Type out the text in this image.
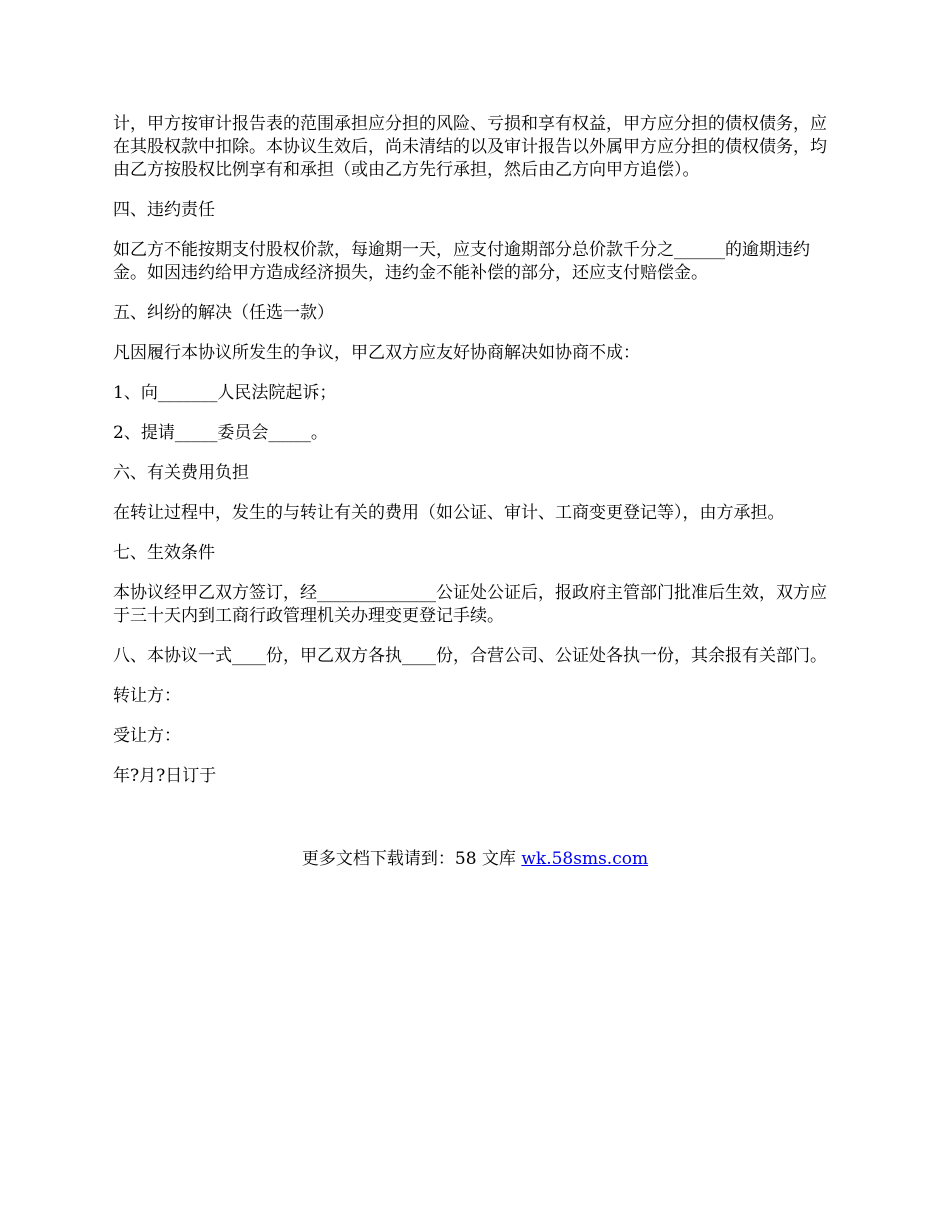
计，甲方按审计报告表的范围承担应分担的风险、亏损和享有权益，甲方应分担的债权债务，应在其股权款中扣除。本协议生效后，尚未清结的以及审计报告以外属甲方应分担的债权债务，均由乙方按股权比例享有和承担（或由乙方先行承担，然后由乙方向甲方追偿）。

四、违约责任

如乙方不能按期支付股权价款，每逾期一天，应支付逾期部分总价款千分之______的逾期违约金。如因违约给甲方造成经济损失，违约金不能补偿的部分，还应支付赔偿金。

五、纠纷的解决（任选一款）

凡因履行本协议所发生的争议，甲乙双方应友好协商解决如协商不成：

1、向_______人民法院起诉；

2、提请_____委员会_____。

六、有关费用负担

在转让过程中，发生的与转让有关的费用（如公证、审计、工商变更登记等），由方承担。

七、生效条件

本协议经甲乙双方签订，经______________公证处公证后，报政府主管部门批准后生效，双方应于三十天内到工商行政管理机关办理变更登记手续。

八、本协议一式____份，甲乙双方各执____份，合营公司、公证处各执一份，其余报有关部门。

转让方：

受让方：

年?月?日订于

更多文档下载请到：58 文库 wk.58sms.com
